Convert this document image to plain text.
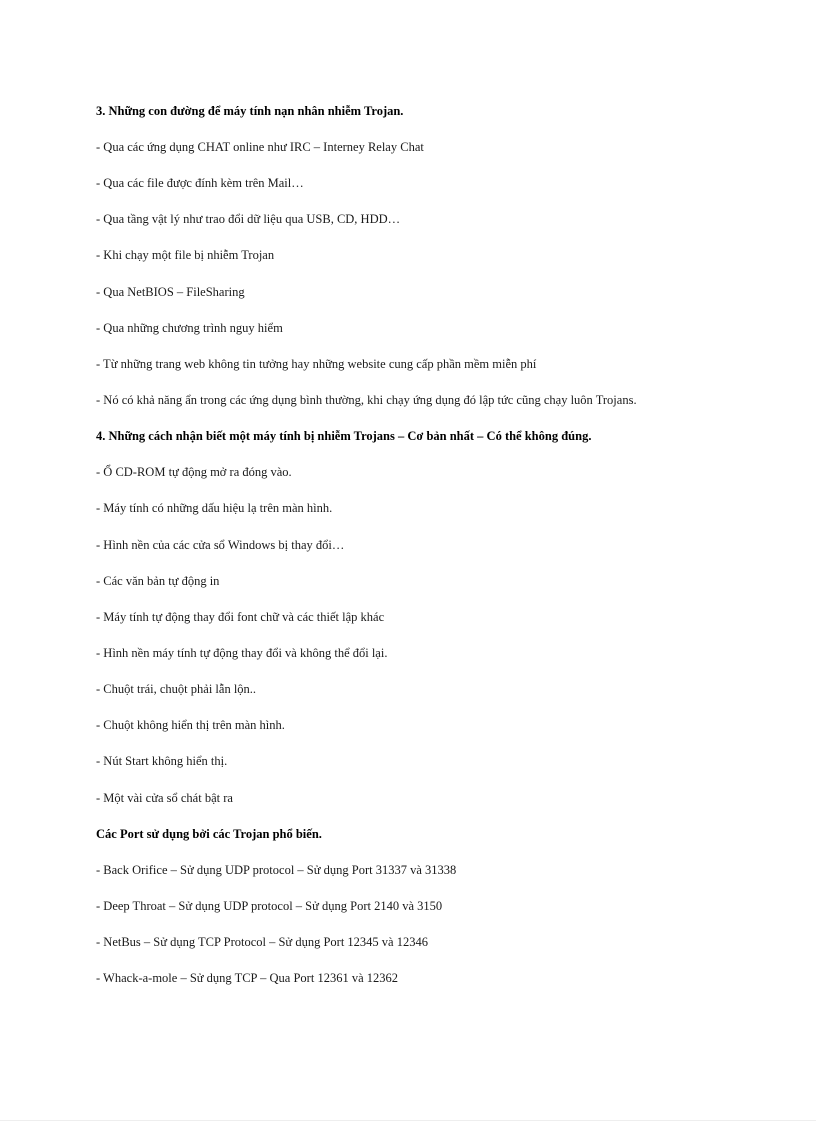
3. Những con đường để máy tính nạn nhân nhiễm Trojan.
- Qua các ứng dụng CHAT online như IRC – Interney Relay Chat
- Qua các file được đính kèm trên Mail…
- Qua tầng vật lý như trao đổi dữ liệu qua USB, CD, HDD…
- Khi chạy một file bị nhiễm Trojan
- Qua NetBIOS – FileSharing
- Qua những chương trình nguy hiểm
- Từ những trang web không tin tưởng hay những website cung cấp phần mềm miễn phí
- Nó có khả năng ẩn trong các ứng dụng bình thường, khi chạy ứng dụng đó lập tức cũng chạy luôn Trojans.
4. Những cách nhận biết một máy tính bị nhiễm Trojans – Cơ bản nhất – Có thể không đúng.
- Ổ CD-ROM tự động mở ra đóng vào.
- Máy tính có những dấu hiệu lạ trên màn hình.
- Hình nền của các cửa sổ Windows bị thay đổi…
- Các văn bản tự động in
- Máy tính tự động thay đổi font chữ và các thiết lập khác
- Hình nền máy tính tự động thay đổi và không thể đổi lại.
- Chuột trái, chuột phải lẫn lộn..
- Chuột không hiển thị trên màn hình.
- Nút Start không hiển thị.
- Một vài cửa sổ chát bật ra
Các Port sử dụng bởi các Trojan phổ biến.
- Back Orifice – Sử dụng UDP protocol – Sử dụng Port 31337 và 31338
- Deep Throat – Sử dụng UDP protocol – Sử dụng Port 2140 và 3150
- NetBus – Sử dụng TCP Protocol – Sử dụng Port 12345 và 12346
- Whack-a-mole – Sử dụng TCP – Qua Port 12361 và 12362
